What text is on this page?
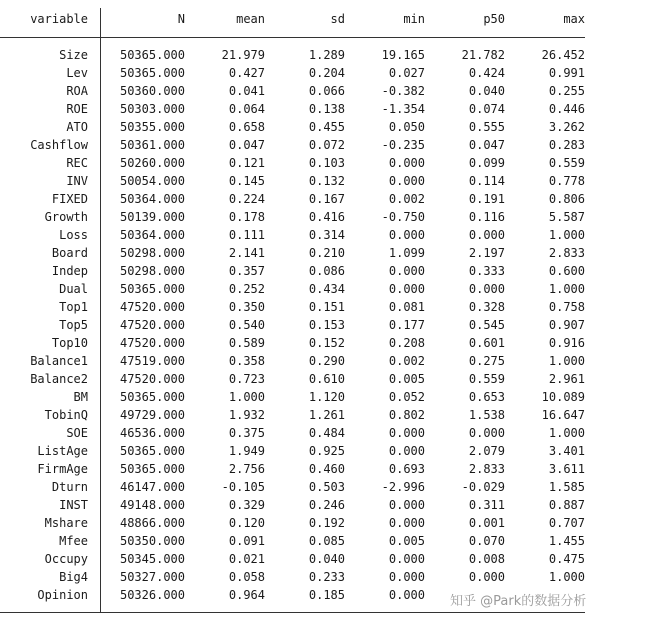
variable	N	mean	sd	min	p50	max
Size	50365.000	21.979	1.289	19.165	21.782	26.452
Lev	50365.000	0.427	0.204	0.027	0.424	0.991
ROA	50360.000	0.041	0.066	-0.382	0.040	0.255
ROE	50303.000	0.064	0.138	-1.354	0.074	0.446
ATO	50355.000	0.658	0.455	0.050	0.555	3.262
Cashflow	50361.000	0.047	0.072	-0.235	0.047	0.283
REC	50260.000	0.121	0.103	0.000	0.099	0.559
INV	50054.000	0.145	0.132	0.000	0.114	0.778
FIXED	50364.000	0.224	0.167	0.002	0.191	0.806
Growth	50139.000	0.178	0.416	-0.750	0.116	5.587
Loss	50364.000	0.111	0.314	0.000	0.000	1.000
Board	50298.000	2.141	0.210	1.099	2.197	2.833
Indep	50298.000	0.357	0.086	0.000	0.333	0.600
Dual	50365.000	0.252	0.434	0.000	0.000	1.000
Top1	47520.000	0.350	0.151	0.081	0.328	0.758
Top5	47520.000	0.540	0.153	0.177	0.545	0.907
Top10	47520.000	0.589	0.152	0.208	0.601	0.916
Balance1	47519.000	0.358	0.290	0.002	0.275	1.000
Balance2	47520.000	0.723	0.610	0.005	0.559	2.961
BM	50365.000	1.000	1.120	0.052	0.653	10.089
TobinQ	49729.000	1.932	1.261	0.802	1.538	16.647
SOE	46536.000	0.375	0.484	0.000	0.000	1.000
ListAge	50365.000	1.949	0.925	0.000	2.079	3.401
FirmAge	50365.000	2.756	0.460	0.693	2.833	3.611
Dturn	46147.000	-0.105	0.503	-2.996	-0.029	1.585
INST	49148.000	0.329	0.246	0.000	0.311	0.887
Mshare	48866.000	0.120	0.192	0.000	0.001	0.707
Mfee	50350.000	0.091	0.085	0.005	0.070	1.455
Occupy	50345.000	0.021	0.040	0.000	0.008	0.475
Big4	50327.000	0.058	0.233	0.000	0.000	1.000
Opinion	50326.000	0.964	0.185	0.000 知乎 @Park的数据分析
